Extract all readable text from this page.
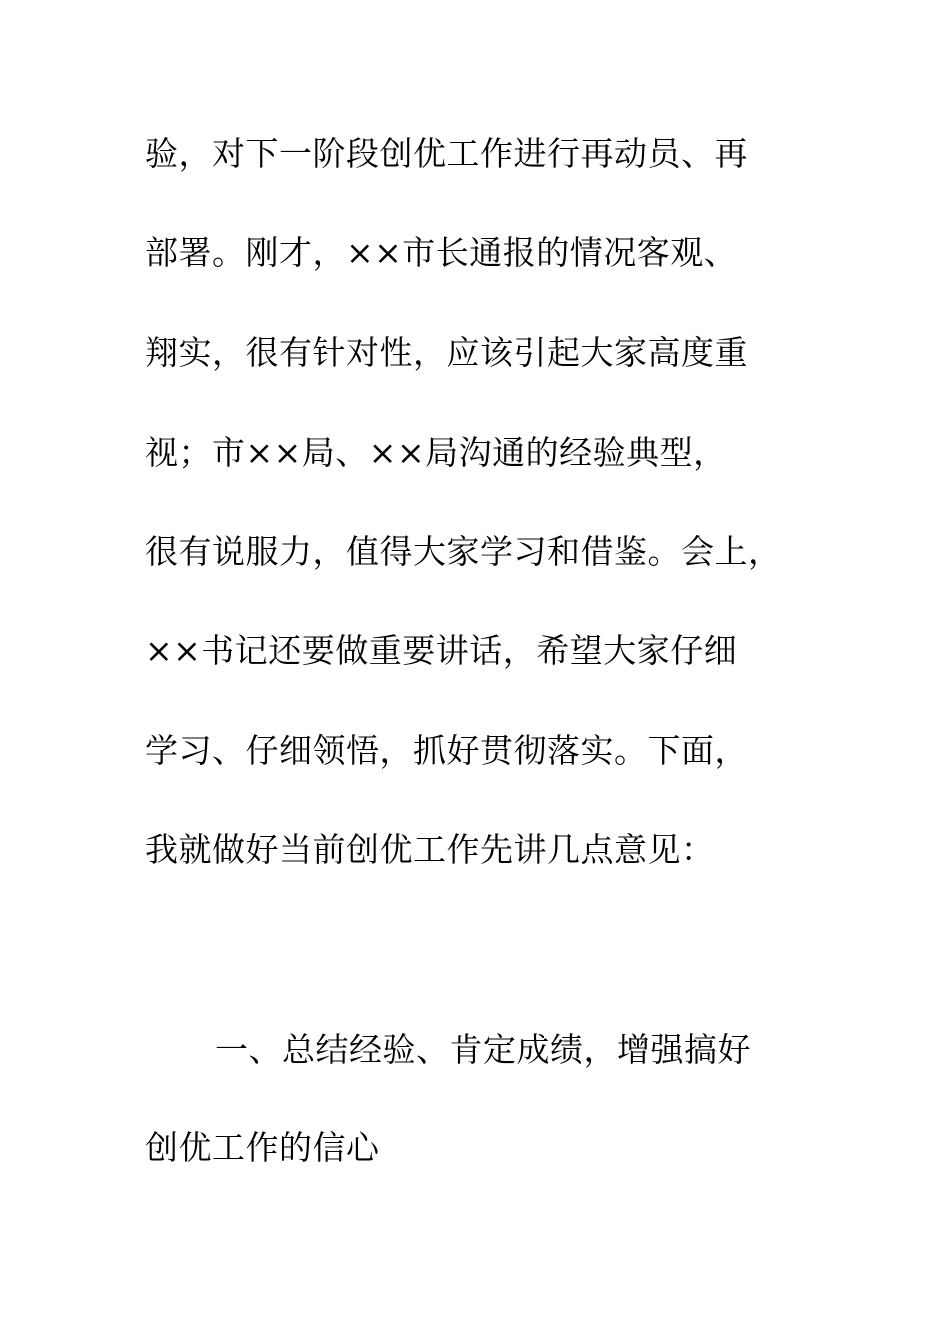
验，对下一阶段创优工作进行再动员、再
部署。刚才，××市长通报的情况客观、
翔实，很有针对性，应该引起大家高度重
视；市××局、××局沟通的经验典型，
很有说服力，值得大家学习和借鉴。会上，
××书记还要做重要讲话，希望大家仔细
学习、仔细领悟，抓好贯彻落实。下面，
我就做好当前创优工作先讲几点意见：
一、总结经验、肯定成绩，增强搞好
创优工作的信心
